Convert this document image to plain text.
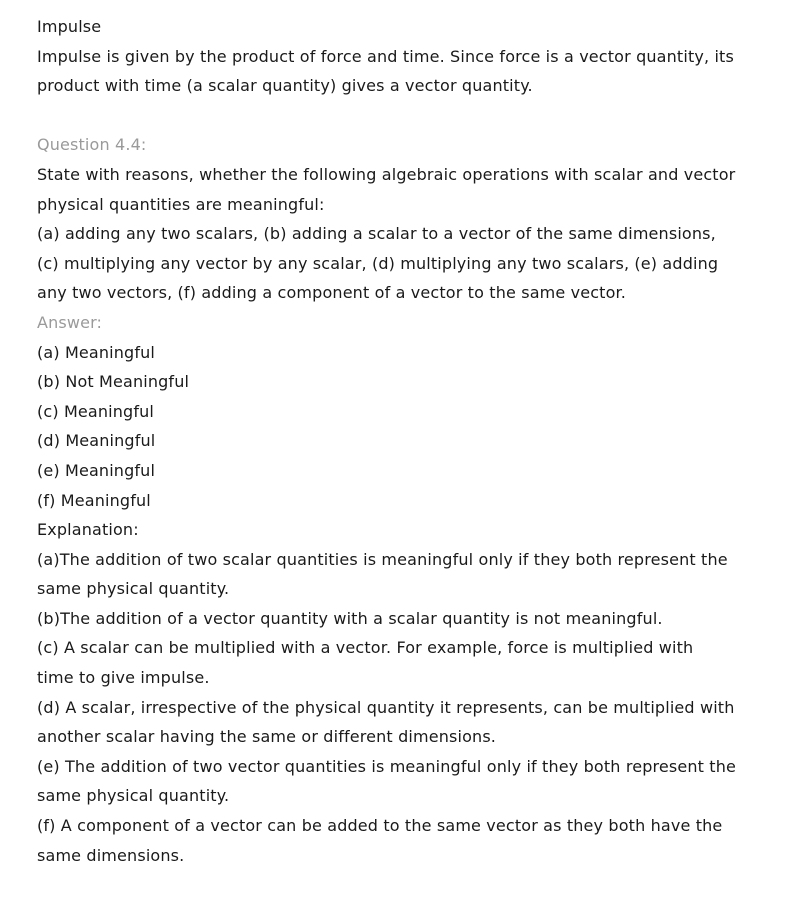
Impulse
Impulse is given by the product of force and time. Since force is a vector quantity, its
product with time (a scalar quantity) gives a vector quantity.
Question 4.4:
State with reasons, whether the following algebraic operations with scalar and vector
physical quantities are meaningful:
(a) adding any two scalars, (b) adding a scalar to a vector of the same dimensions,
(c) multiplying any vector by any scalar, (d) multiplying any two scalars, (e) adding
any two vectors, (f) adding a component of a vector to the same vector.
Answer:
(a) Meaningful
(b) Not Meaningful
(c) Meaningful
(d) Meaningful
(e) Meaningful
(f) Meaningful
Explanation:
(a)The addition of two scalar quantities is meaningful only if they both represent the
same physical quantity.
(b)The addition of a vector quantity with a scalar quantity is not meaningful.
(c) A scalar can be multiplied with a vector. For example, force is multiplied with
time to give impulse.
(d) A scalar, irrespective of the physical quantity it represents, can be multiplied with
another scalar having the same or different dimensions.
(e) The addition of two vector quantities is meaningful only if they both represent the
same physical quantity.
(f) A component of a vector can be added to the same vector as they both have the
same dimensions.
